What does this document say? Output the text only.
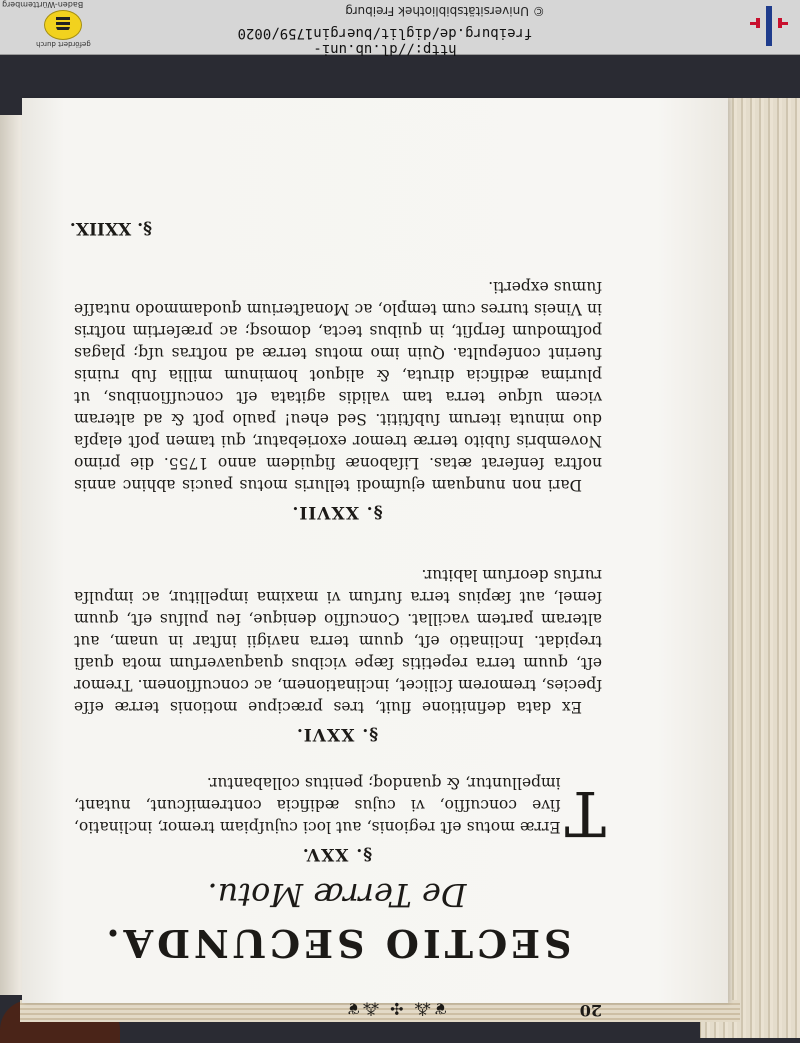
Baden-Württemberg
gefördert durch
© Universitätsbibliothek Freiburg
http://dl.ub.uni-freiburg.de/diglit/buergin1759/0020
20
❦⁂ ✣ ⁂❦
SECTIO SECUNDA.
De Terræ Motu.
§. XXV.
T
Erræ motus eſt regionis, aut loci cujuſpiam tremor, inclinatio, ſive concuſſio, vi cujus ædificia contremiſcunt, nutant, impelluntur, & quandoq; penitus collabantur.
§. XXVI.
Ex data definitione fluit, tres præcipue motionis terræ eſſe ſpecies, tremorem ſcilicet, inclinationem, ac concuſſionem. Tremor eſt, quum terra repetitis ſæpe vicibus quaquaverſum mota quaſi trepidat. Inclinatio eſt, quum terra navigii inſtar in unam, aut alteram partem vacillat. Concuſſio denique, ſeu pulſus eſt, quum ſemel, aut ſæpius terra ſurſum vi maxima impellitur, ac impulſa rurſus deorſum labitur.
§. XXVII.
Dari non nunquam ejuſmodi telluris motus paucis abhinc annis noſtra ſenſerat ætas. Liſabonæ ſiquidem anno 1755. die primo Novembris ſubito terræ tremor exoriebatur, qui tamen poſt elapſa duo minuta iterum ſubſtitit. Sed eheu! paulo poſt & ad alteram vicem uſque terra tam validis agitata eſt concuſſionibus, ut plurima ædificia diruta, & aliquot hominum millia ſub ruinis fuerint conſepulta. Quin imo motus terræ ad noſtras uſq; plagas poſtmodum ſerpſit, in quibus tecta, domosq; ac præſertim noſtris in Vineis turres cum templo, ac Monaſterium quodammodo nutaſſe ſumus experti.
§. XXIIX.
